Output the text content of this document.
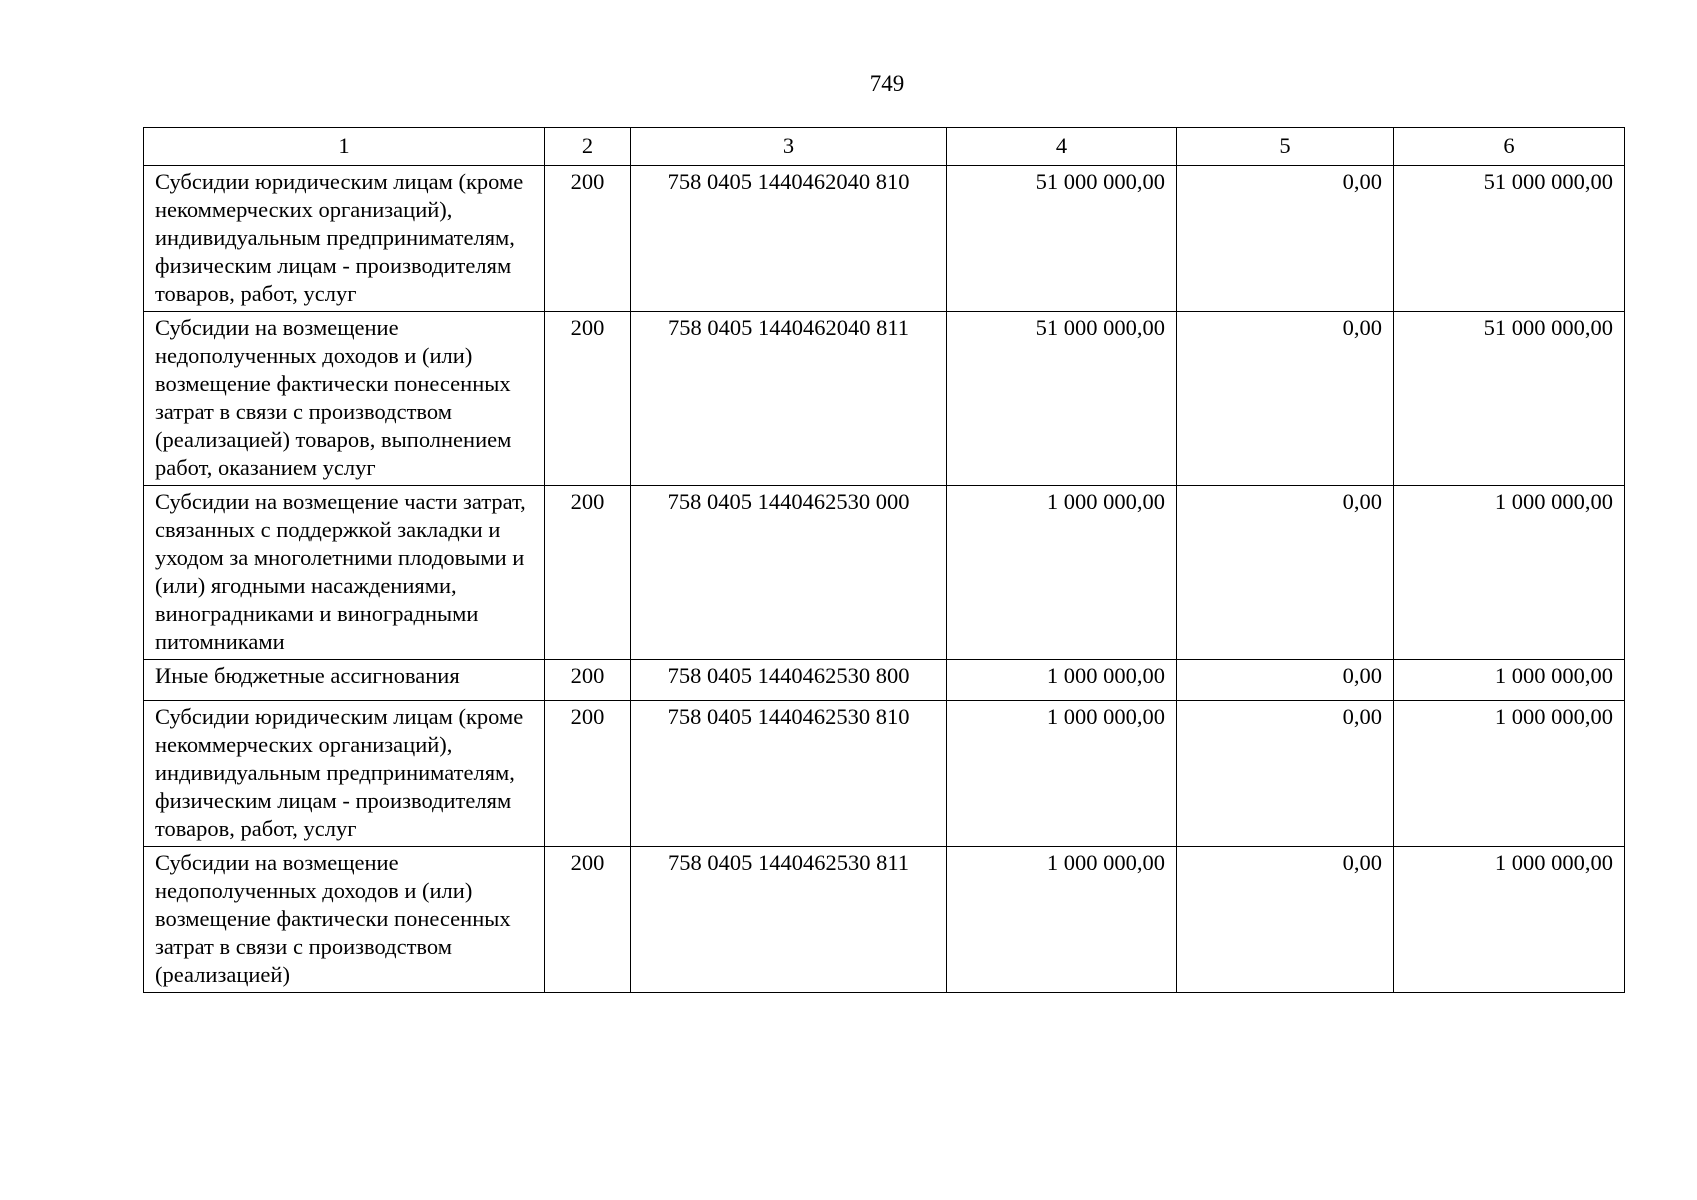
749
1	2	3	4	5	6
Субсидии юридическим лицам (кроме некоммерческих организаций), индивидуальным предпринимателям, физическим лицам - производителям товаров, работ, услуг	200	758 0405 1440462040 810	51 000 000,00	0,00	51 000 000,00
Субсидии на возмещение недополученных доходов и (или) возмещение фактически понесенных затрат в связи с производством (реализацией) товаров, выполнением работ, оказанием услуг	200	758 0405 1440462040 811	51 000 000,00	0,00	51 000 000,00
Субсидии на возмещение части затрат, связанных с поддержкой закладки и уходом за многолетними плодовыми и (или) ягодными насаждениями, виноградниками и виноградными питомниками	200	758 0405 1440462530 000	1 000 000,00	0,00	1 000 000,00
Иные бюджетные ассигнования	200	758 0405 1440462530 800	1 000 000,00	0,00	1 000 000,00
Субсидии юридическим лицам (кроме некоммерческих организаций), индивидуальным предпринимателям, физическим лицам - производителям товаров, работ, услуг	200	758 0405 1440462530 810	1 000 000,00	0,00	1 000 000,00
Субсидии на возмещение недополученных доходов и (или) возмещение фактически понесенных затрат в связи с производством (реализацией)	200	758 0405 1440462530 811	1 000 000,00	0,00	1 000 000,00
